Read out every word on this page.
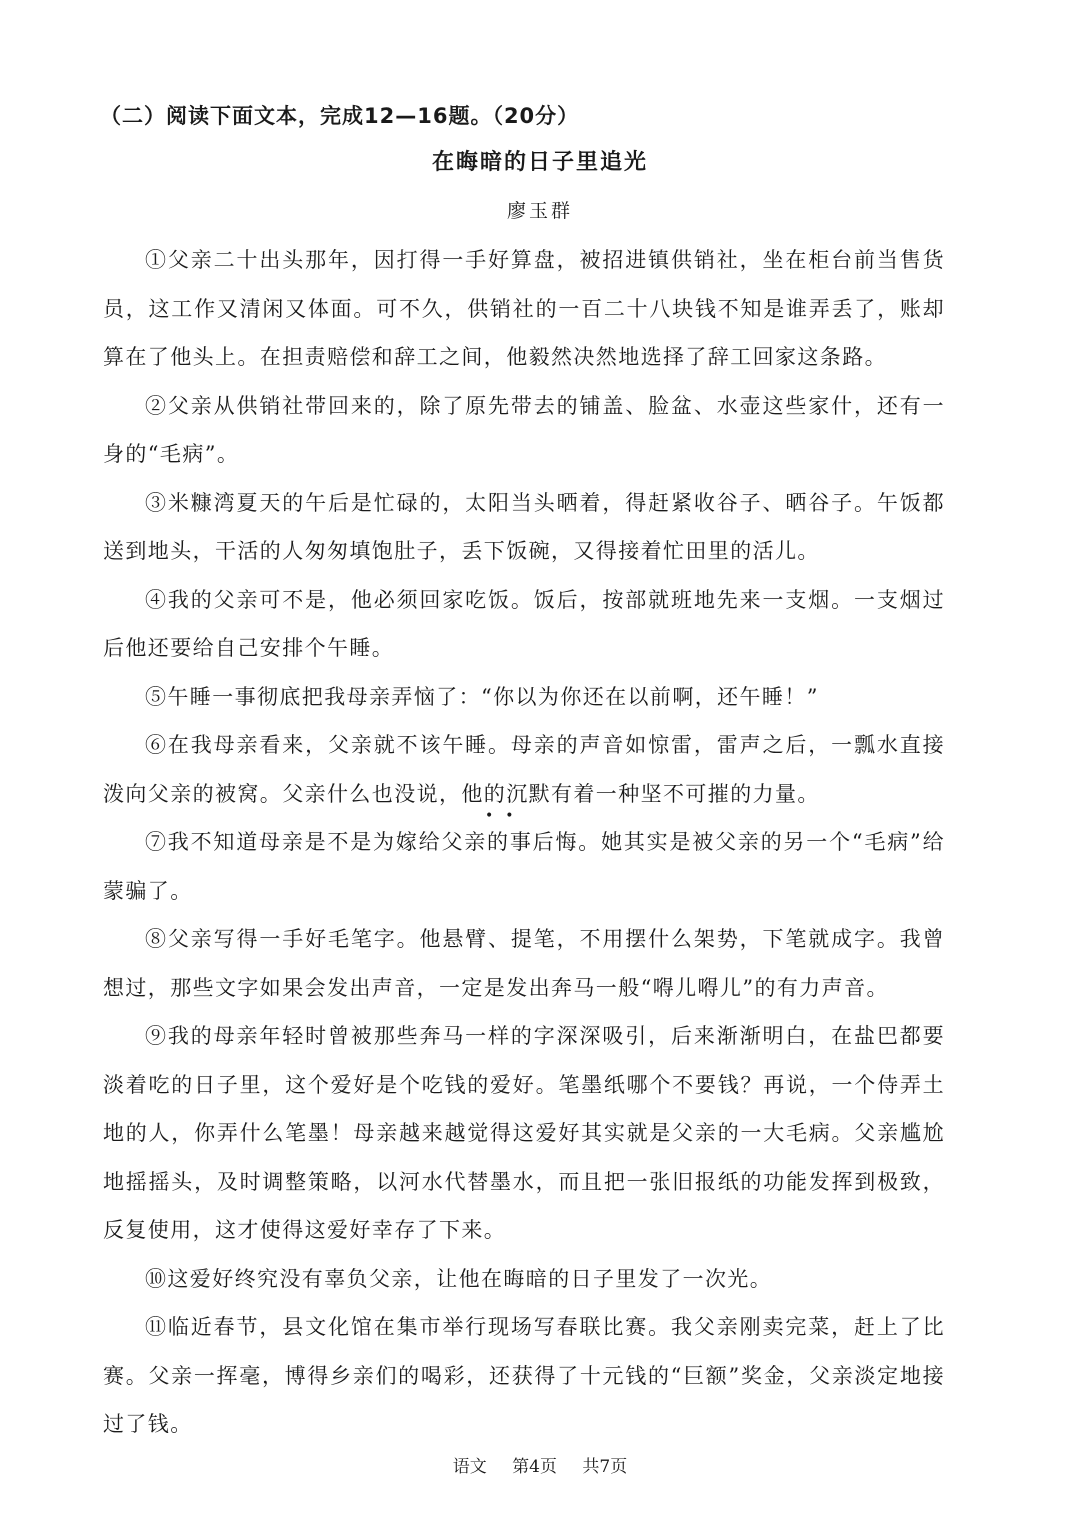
（二）阅读下面文本，完成12—16题。（20分）
在晦暗的日子里追光
廖玉群

①父亲二十出头那年，因打得一手好算盘，被招进镇供销社，坐在柜台前当售货员，这工作又清闲又体面。可不久，供销社的一百二十八块钱不知是谁弄丢了，账却算在了他头上。在担责赔偿和辞工之间，他毅然决然地选择了辞工回家这条路。

②父亲从供销社带回来的，除了原先带去的铺盖、脸盆、水壶这些家什，还有一身的“毛病”。

③米糠湾夏天的午后是忙碌的，太阳当头晒着，得赶紧收谷子、晒谷子。午饭都送到地头，干活的人匆匆填饱肚子，丢下饭碗，又得接着忙田里的活儿。

④我的父亲可不是，他必须回家吃饭。饭后，按部就班地先来一支烟。一支烟过后他还要给自己安排个午睡。

⑤午睡一事彻底把我母亲弄恼了：“你以为你还在以前啊，还午睡！”

⑥在我母亲看来，父亲就不该午睡。母亲的声音如惊雷，雷声之后，一瓢水直接泼向父亲的被窝。父亲什么也没说，他的沉默有着一种坚不可摧的力量。

⑦我不知道母亲是不是为嫁给父亲的事后悔。她其实是被父亲的另一个“毛病”给蒙骗了。

⑧父亲写得一手好毛笔字。他悬臂、提笔，不用摆什么架势，下笔就成字。我曾想过，那些文字如果会发出声音，一定是发出奔马一般“嘚儿嘚儿”的有力声音。

⑨我的母亲年轻时曾被那些奔马一样的字深深吸引，后来渐渐明白，在盐巴都要淡着吃的日子里，这个爱好是个吃钱的爱好。笔墨纸哪个不要钱？再说，一个侍弄土地的人，你弄什么笔墨！母亲越来越觉得这爱好其实就是父亲的一大毛病。父亲尴尬地摇摇头，及时调整策略，以河水代替墨水，而且把一张旧报纸的功能发挥到极致，反复使用，这才使得这爱好幸存了下来。

⑩这爱好终究没有辜负父亲，让他在晦暗的日子里发了一次光。

⑪临近春节，县文化馆在集市举行现场写春联比赛。我父亲刚卖完菜，赶上了比赛。父亲一挥毫，博得乡亲们的喝彩，还获得了十元钱的“巨额”奖金，父亲淡定地接过了钱。

••
语文 第4页 共7页
